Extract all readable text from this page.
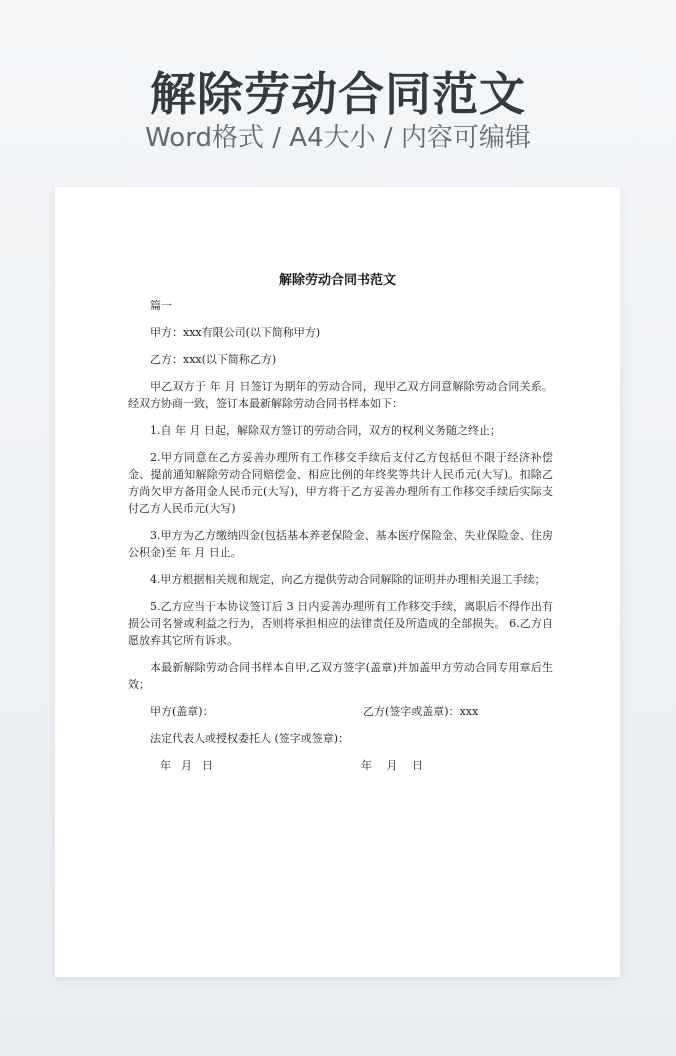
解除劳动合同范文
Word格式 / A4大小 / 内容可编辑
解除劳动合同书范文

篇一

甲方：xxx有限公司(以下简称甲方)

乙方：xxx(以下简称乙方)

甲乙双方于 年 月 日签订为期年的劳动合同，现甲乙双方同意解除劳动合同关系。经双方协商一致，签订本最新解除劳动合同书样本如下：

1.自 年 月 日起，解除双方签订的劳动合同，双方的权利义务随之终止；

2.甲方同意在乙方妥善办理所有工作移交手续后支付乙方包括但不限于经济补偿金、提前通知解除劳动合同赔偿金、相应比例的年终奖等共计人民币元(大写)。扣除乙方尚欠甲方备用金人民币元(大写)，甲方将于乙方妥善办理所有工作移交手续后实际支付乙方人民币元(大写)

3.甲方为乙方缴纳四金(包括基本养老保险金、基本医疗保险金、失业保险金、住房公积金)至 年 月 日止。

4.甲方根据相关规和规定，向乙方提供劳动合同解除的证明并办理相关退工手续；

5.乙方应当于本协议签订后 3 日内妥善办理所有工作移交手续，离职后不得作出有损公司名誉或利益之行为，否则将承担相应的法律责任及所造成的全部损失。 6.乙方自愿放弃其它所有诉求。

本最新解除劳动合同书样本自甲,乙双方签字(盖章)并加盖甲方劳动合同专用章后生效；

甲方(盖章)：	乙方(签字或盖章)：xxx

法定代表人或授权委托人 (签字或签章)：

年  月  日	年   月   日
